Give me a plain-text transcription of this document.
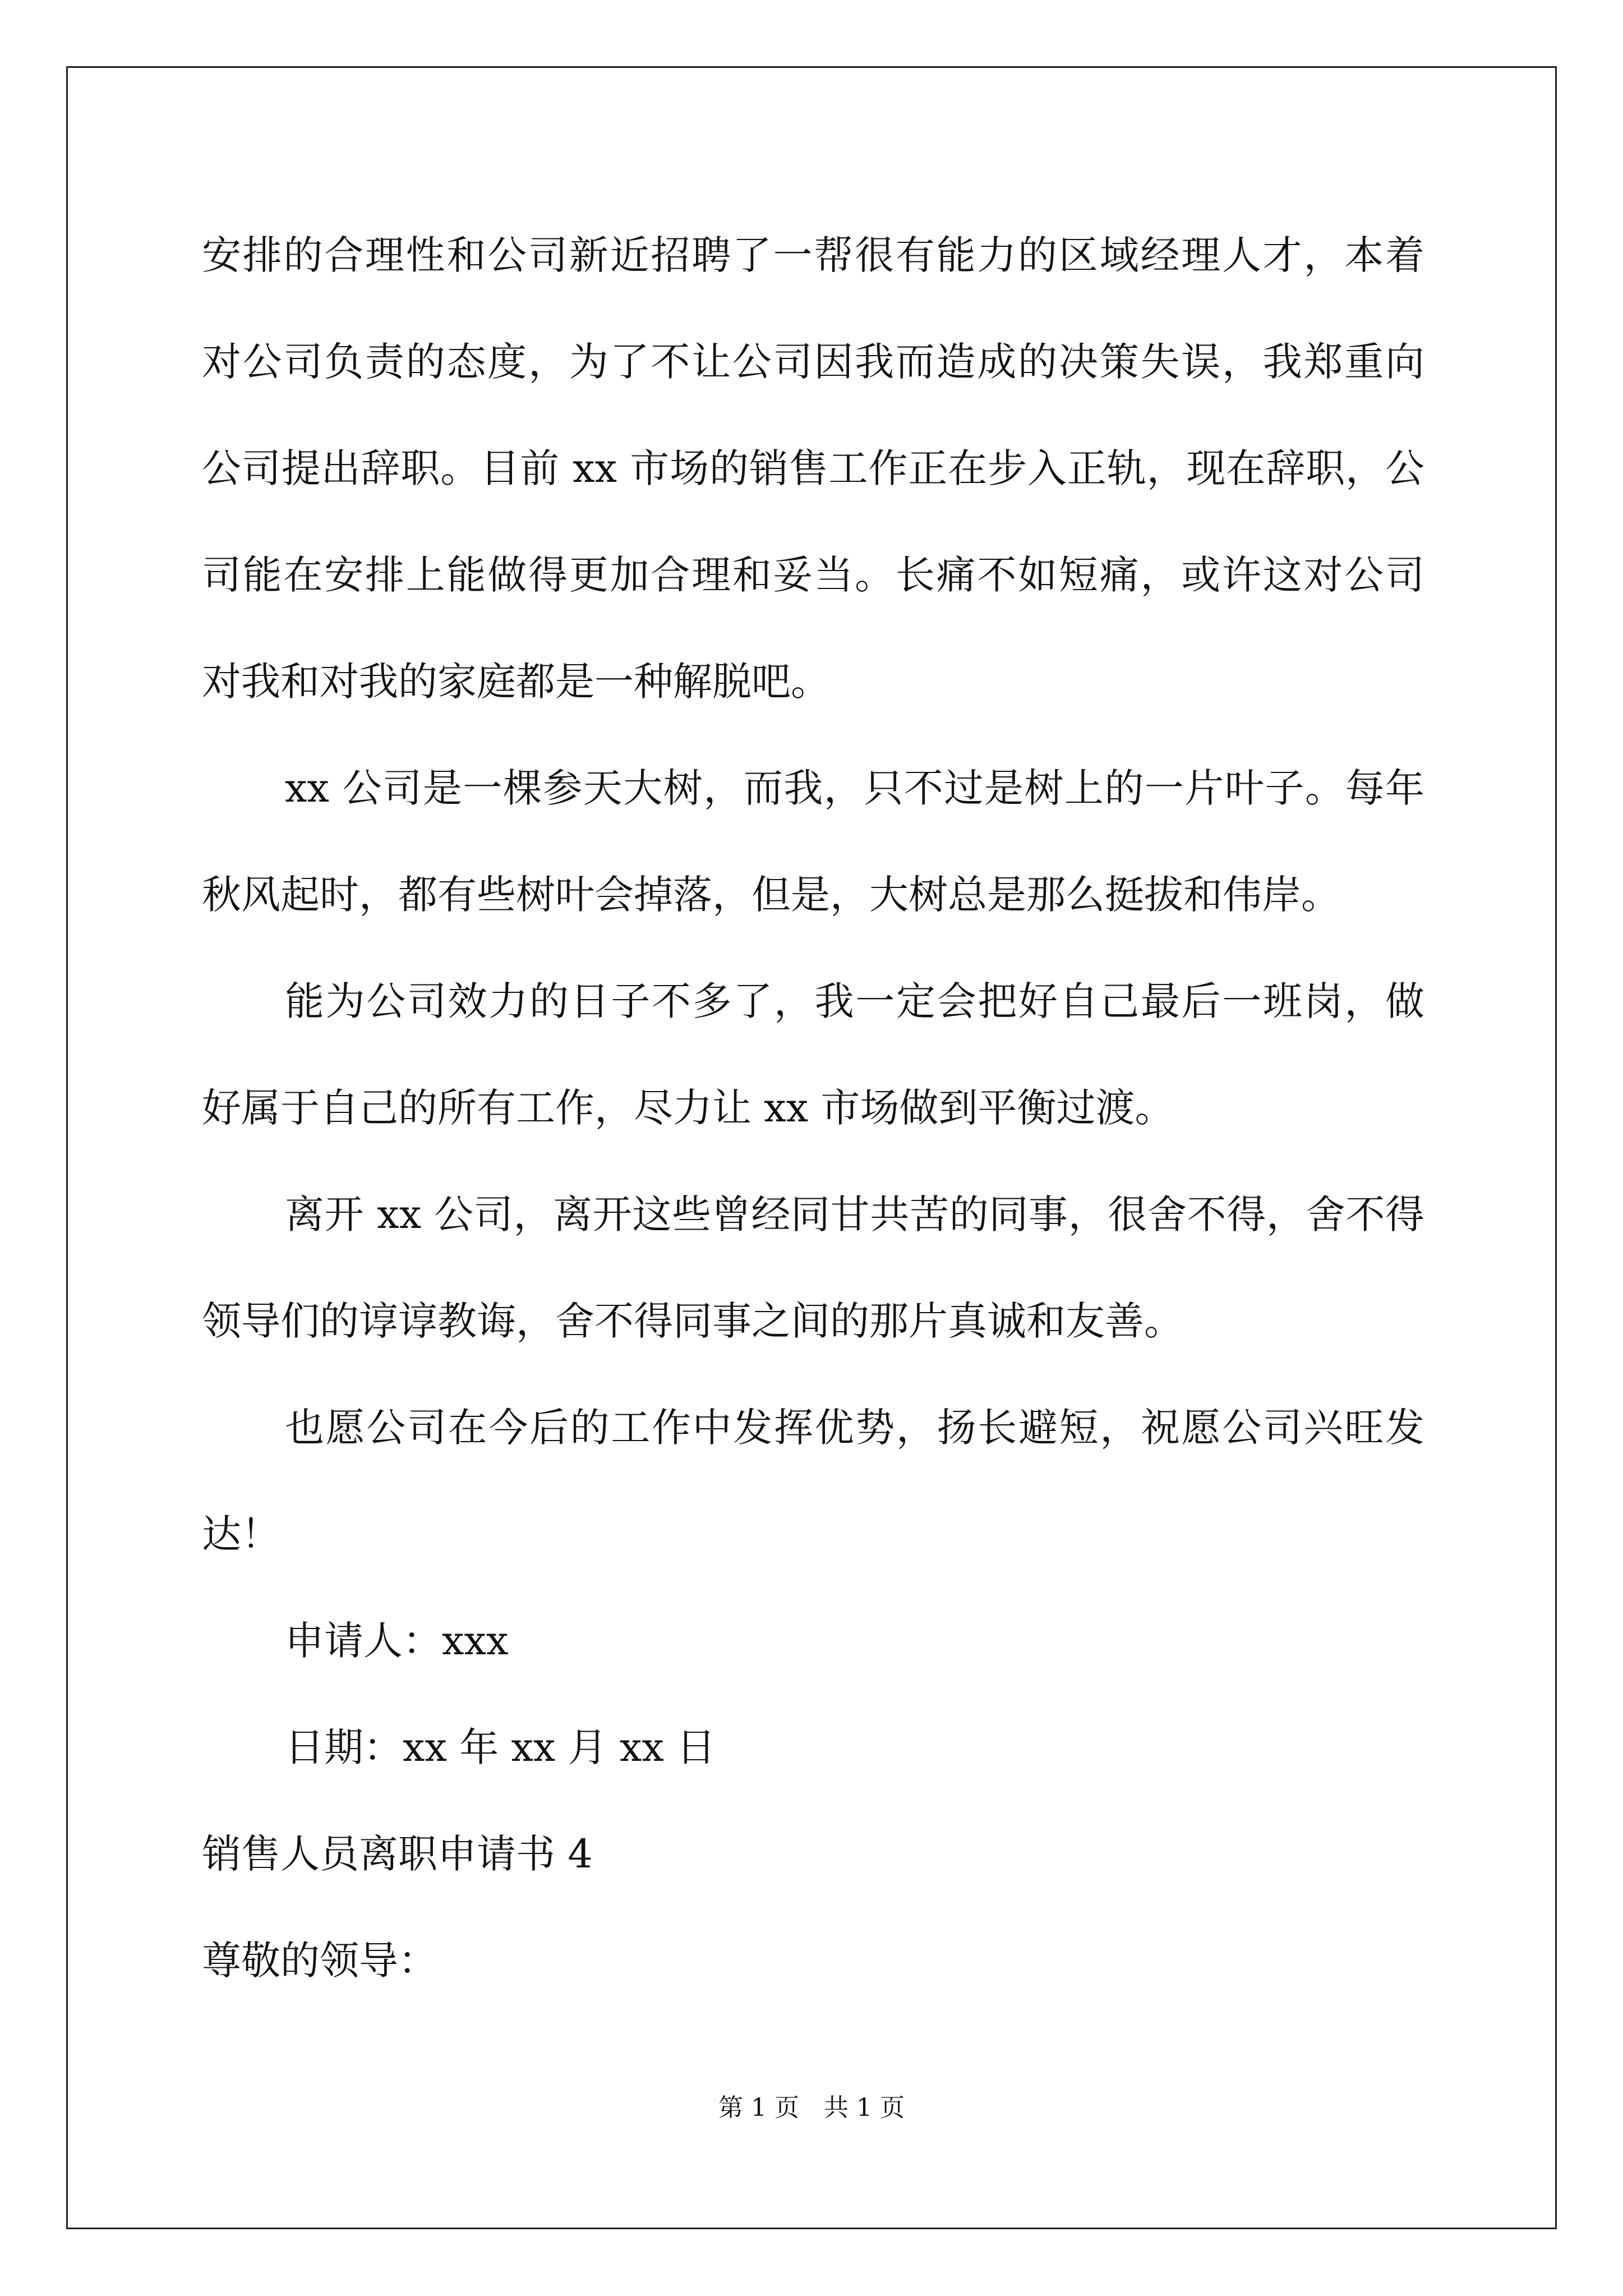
安排的合理性和公司新近招聘了一帮很有能力的区域经理人才，本着
对公司负责的态度，为了不让公司因我而造成的决策失误，我郑重向
公司提出辞职。目前 xx 市场的销售工作正在步入正轨，现在辞职，公
司能在安排上能做得更加合理和妥当。长痛不如短痛，或许这对公司
对我和对我的家庭都是一种解脱吧。
xx 公司是一棵参天大树，而我，只不过是树上的一片叶子。每年
秋风起时，都有些树叶会掉落，但是，大树总是那么挺拔和伟岸。
能为公司效力的日子不多了，我一定会把好自己最后一班岗，做
好属于自己的所有工作，尽力让 xx 市场做到平衡过渡。
离开 xx 公司，离开这些曾经同甘共苦的同事，很舍不得，舍不得
领导们的谆谆教诲，舍不得同事之间的那片真诚和友善。
也愿公司在今后的工作中发挥优势，扬长避短，祝愿公司兴旺发
达！
申请人：xxx
日期：xx 年 xx 月 xx 日
销售人员离职申请书 4
尊敬的领导：
第 1 页　共 1 页
